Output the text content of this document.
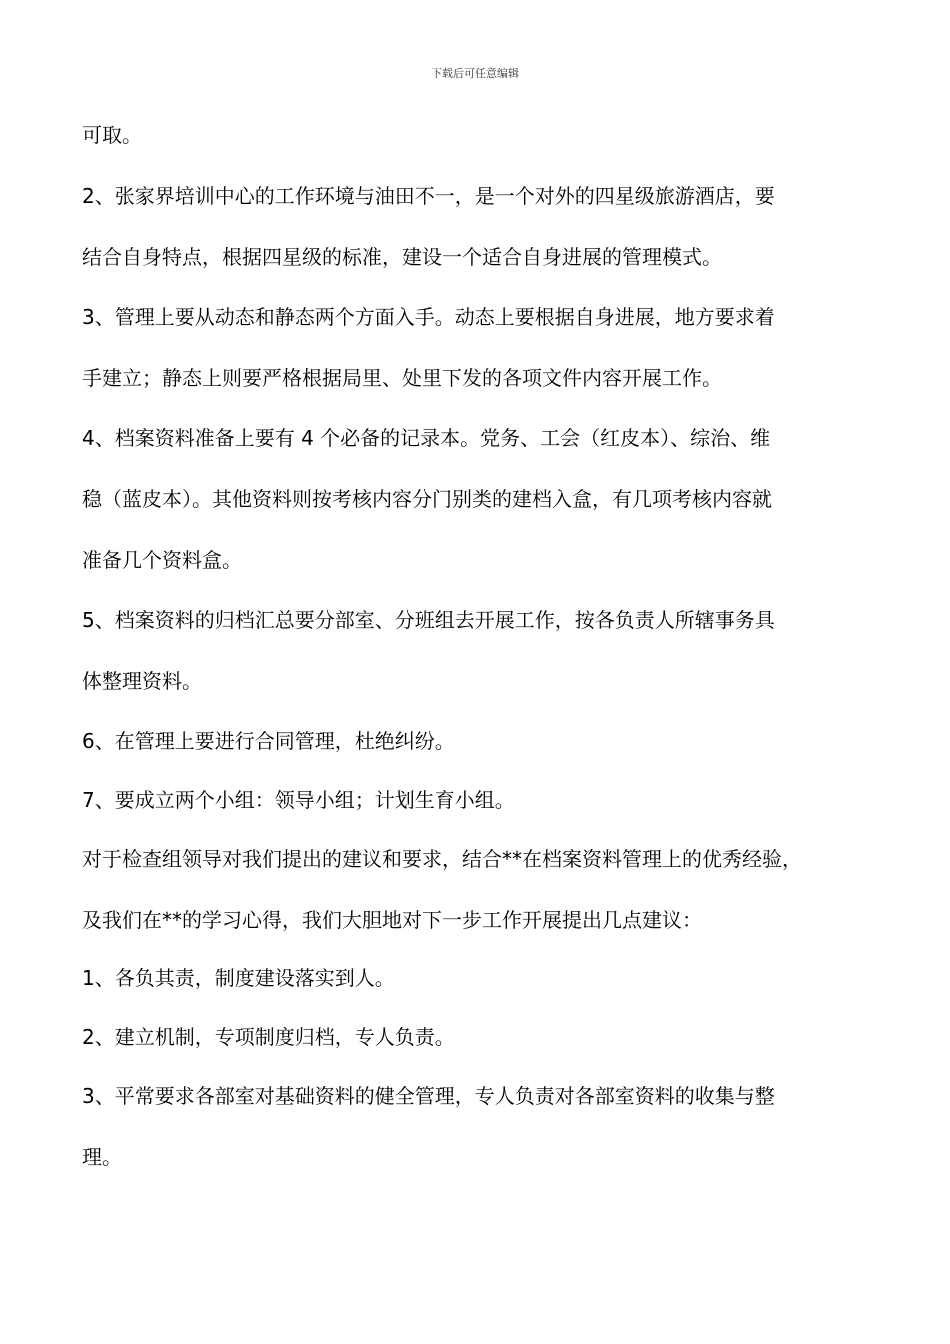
下载后可任意编辑

可取。

2、张家界培训中心的工作环境与油田不一，是一个对外的四星级旅游酒店，要

结合自身特点，根据四星级的标准，建设一个适合自身进展的管理模式。

3、管理上要从动态和静态两个方面入手。动态上要根据自身进展，地方要求着

手建立；静态上则要严格根据局里、处里下发的各项文件内容开展工作。

4、档案资料准备上要有 4 个必备的记录本。党务、工会（红皮本）、综治、维

稳（蓝皮本）。其他资料则按考核内容分门别类的建档入盒，有几项考核内容就

准备几个资料盒。

5、档案资料的归档汇总要分部室、分班组去开展工作，按各负责人所辖事务具

体整理资料。

6、在管理上要进行合同管理，杜绝纠纷。

7、要成立两个小组：领导小组；计划生育小组。

对于检查组领导对我们提出的建议和要求，结合**在档案资料管理上的优秀经验，

及我们在**的学习心得，我们大胆地对下一步工作开展提出几点建议：

1、各负其责，制度建设落实到人。

2、建立机制，专项制度归档，专人负责。

3、平常要求各部室对基础资料的健全管理，专人负责对各部室资料的收集与整

理。
